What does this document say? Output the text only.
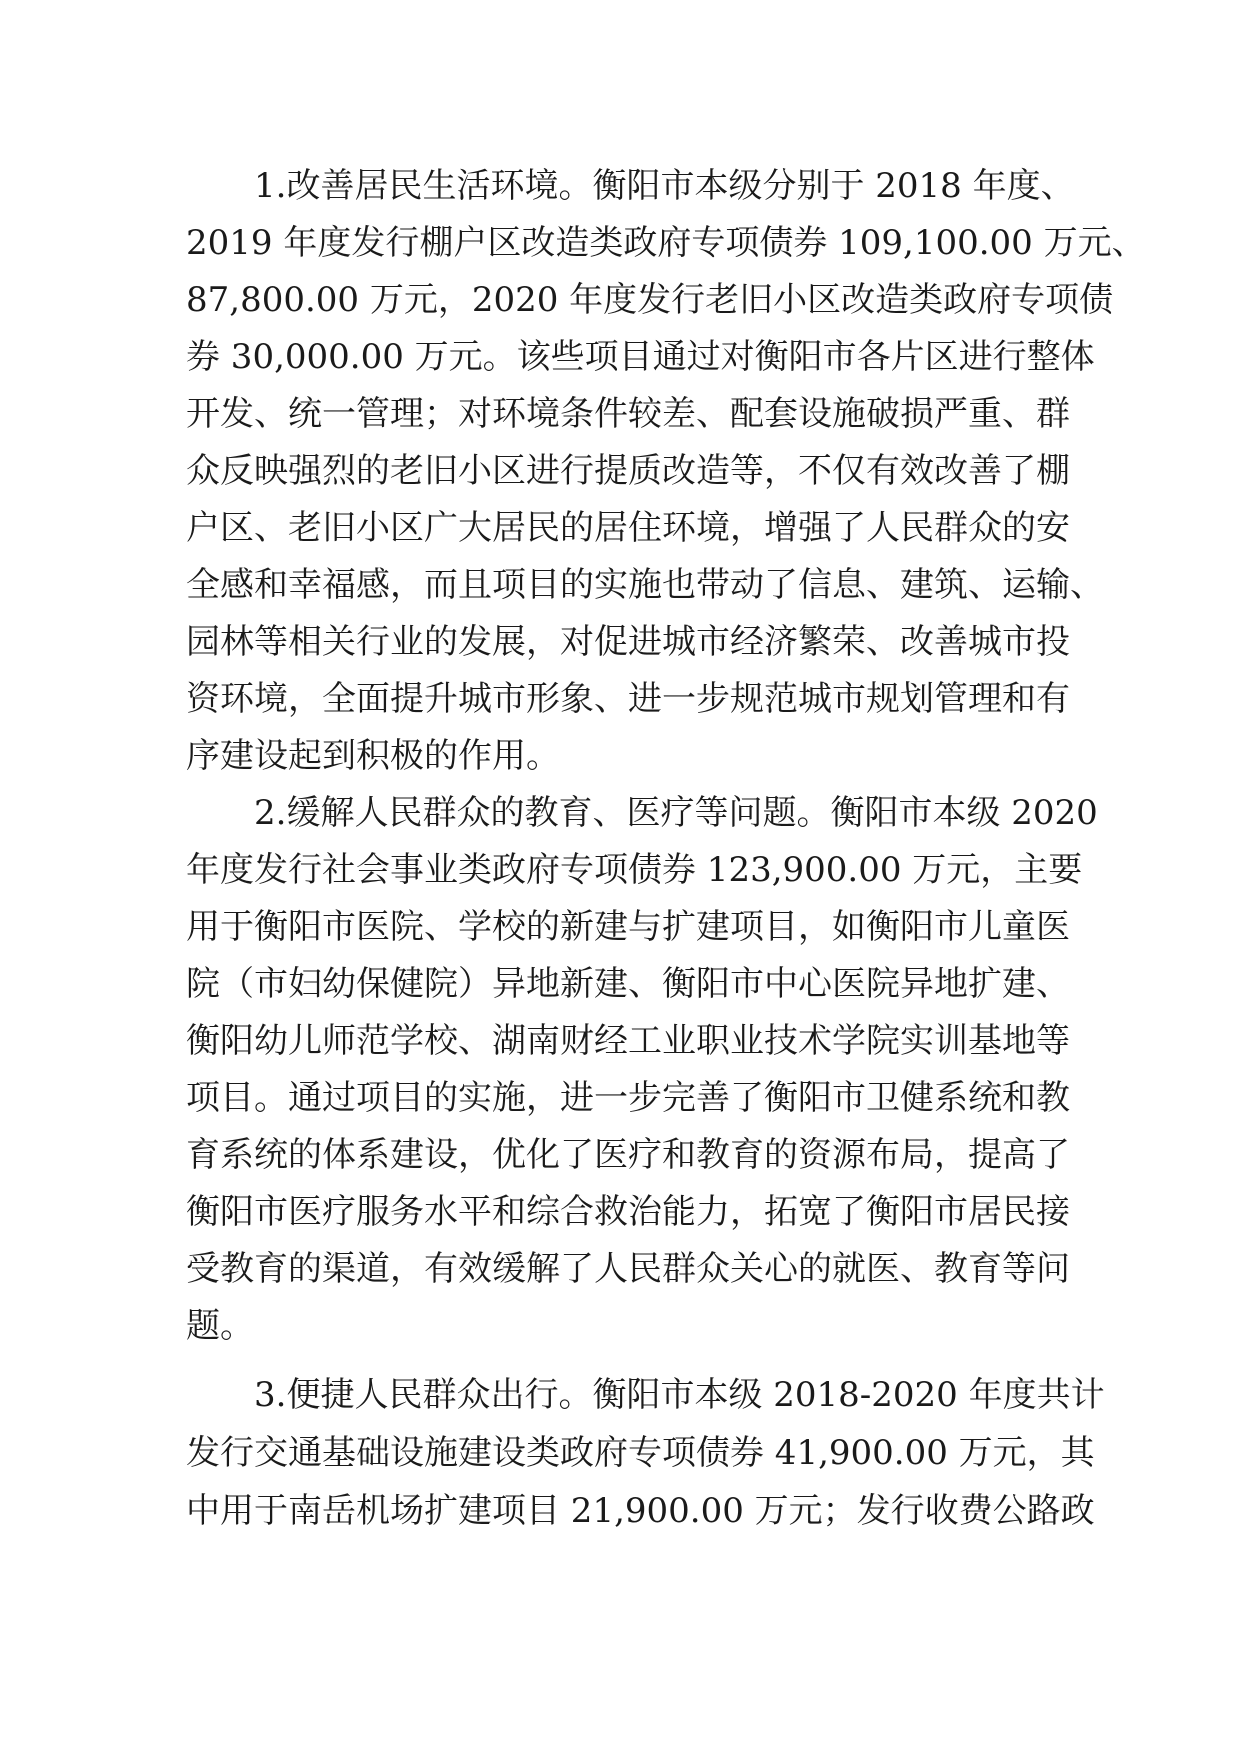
1.改善居民生活环境。衡阳市本级分别于 2018 年度、
2019 年度发行棚户区改造类政府专项债券 109,100.00 万元、
87,800.00 万元，2020 年度发行老旧小区改造类政府专项债
券 30,000.00 万元。该些项目通过对衡阳市各片区进行整体
开发、统一管理；对环境条件较差、配套设施破损严重、群
众反映强烈的老旧小区进行提质改造等，不仅有效改善了棚
户区、老旧小区广大居民的居住环境，增强了人民群众的安
全感和幸福感，而且项目的实施也带动了信息、建筑、运输、
园林等相关行业的发展，对促进城市经济繁荣、改善城市投
资环境，全面提升城市形象、进一步规范城市规划管理和有
序建设起到积极的作用。
2.缓解人民群众的教育、医疗等问题。衡阳市本级 2020
年度发行社会事业类政府专项债券 123,900.00 万元，主要
用于衡阳市医院、学校的新建与扩建项目，如衡阳市儿童医
院（市妇幼保健院）异地新建、衡阳市中心医院异地扩建、
衡阳幼儿师范学校、湖南财经工业职业技术学院实训基地等
项目。通过项目的实施，进一步完善了衡阳市卫健系统和教
育系统的体系建设，优化了医疗和教育的资源布局，提高了
衡阳市医疗服务水平和综合救治能力，拓宽了衡阳市居民接
受教育的渠道，有效缓解了人民群众关心的就医、教育等问
题。
3.便捷人民群众出行。衡阳市本级 2018-2020 年度共计
发行交通基础设施建设类政府专项债券 41,900.00 万元，其
中用于南岳机场扩建项目 21,900.00 万元；发行收费公路政
